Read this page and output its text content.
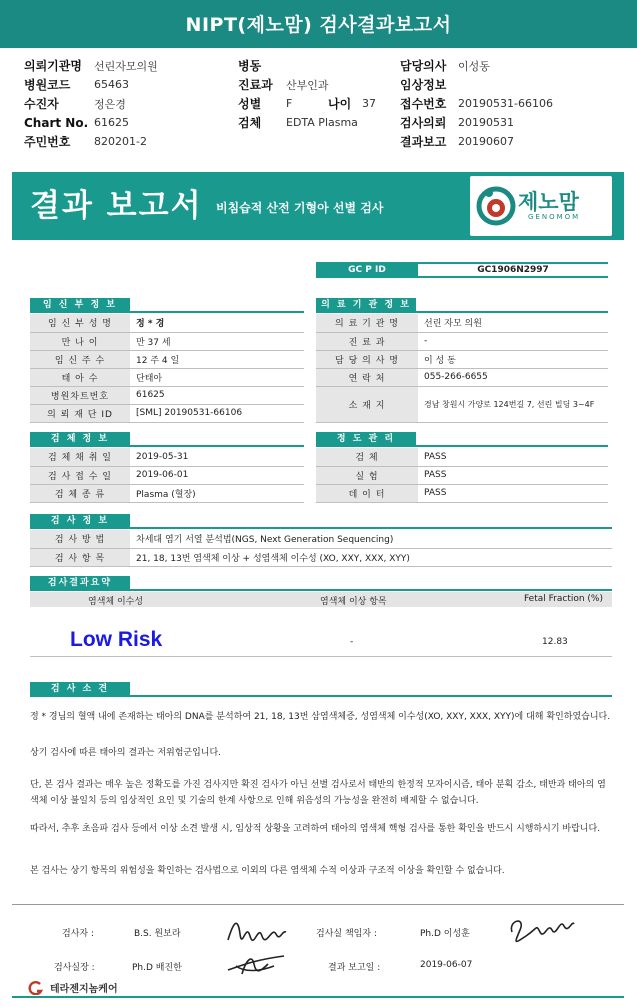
NIPT(제노맘) 검사결과보고서
의뢰기관명	선린자모의원
병원코드	65463
수진자	정은경
Chart No. 61625
주민번호	820201-2
병동
진료과	산부인과
성별	F	나이 37
검체	EDTA Plasma
담당의사	이성동
임상정보
접수번호	20190531-66106
검사의뢰	20190531
결과보고	20190607
결과 보고서 비침습적 산전 기형아 선별 검사	제노맘
GENOMOM
GC P ID	GC1906N2997
임 신 부 정 보
임 신 부 성 명	정 * 경
만 나 이	만 37 세
임 신 주 수	12 주 4 일
태 아 수	단태아
병원차트번호	61625
의 뢰 재 단 ID	[SML] 20190531-66106
의 료 기 관 정 보
의 료 기 관 명	선린 자모 의원
진 료 과	-
담 당 의 사 명	이 성 동
연 락 처	055-266-6655
소 재 지	경남 창원시 가양로 124번길 7, 선린 빌딩 3~4F
검 체 정 보
검 체 채 취 일	2019-05-31
검 사 접 수 일	2019-06-01
검 체 종 류	Plasma (혈장)
정 도 관 리
검 체	PASS
실 험	PASS
데 이 터	PASS
검 사 정 보
검 사 방 법	차세대 염기 서열 분석법(NGS, Next Generation Sequencing)
검 사 항 목	21, 18, 13번 염색체 이상 + 성염색체 이수성 (XO, XXY, XXX, XYY)
검사결과요약
염색체 이수성	염색체 이상 항목	Fetal Fraction (%)
Low Risk	-	12.83
검 사 소 견
정 * 경님의 혈액 내에 존재하는 태아의 DNA를 분석하여 21, 18, 13번 삼염색체증, 성염색체 이수성(XO, XXY, XXX, XYY)에 대해 확인하였습니다.
상기 검사에 따른 태아의 결과는 저위험군입니다.
단, 본 검사 결과는 매우 높은 정확도를 가진 검사지만 확진 검사가 아닌 선별 검사로서 태반의 한정적 모자이시즘, 태아 분획 감소, 태반과 태아의 염색체 이상 불일치 등의 임상적인 요인 및 기술의 한계 사항으로 인해 위음성의 가능성을 완전히 배제할 수 없습니다.
따라서, 추후 초음파 검사 등에서 이상 소견 발생 시, 임상적 상황을 고려하여 태아의 염색체 핵형 검사를 통한 확인을 반드시 시행하시기 바랍니다.
본 검사는 상기 항목의 위험성을 확인하는 검사법으로 이외의 다른 염색체 수적 이상과 구조적 이상을 확인할 수 없습니다.
검사자 :	B.S. 원보라	검사실 책임자 :	Ph.D 이성훈
검사실장 :	Ph.D 배진한	결과 보고일 :	2019-06-07
테라젠지놈케어
